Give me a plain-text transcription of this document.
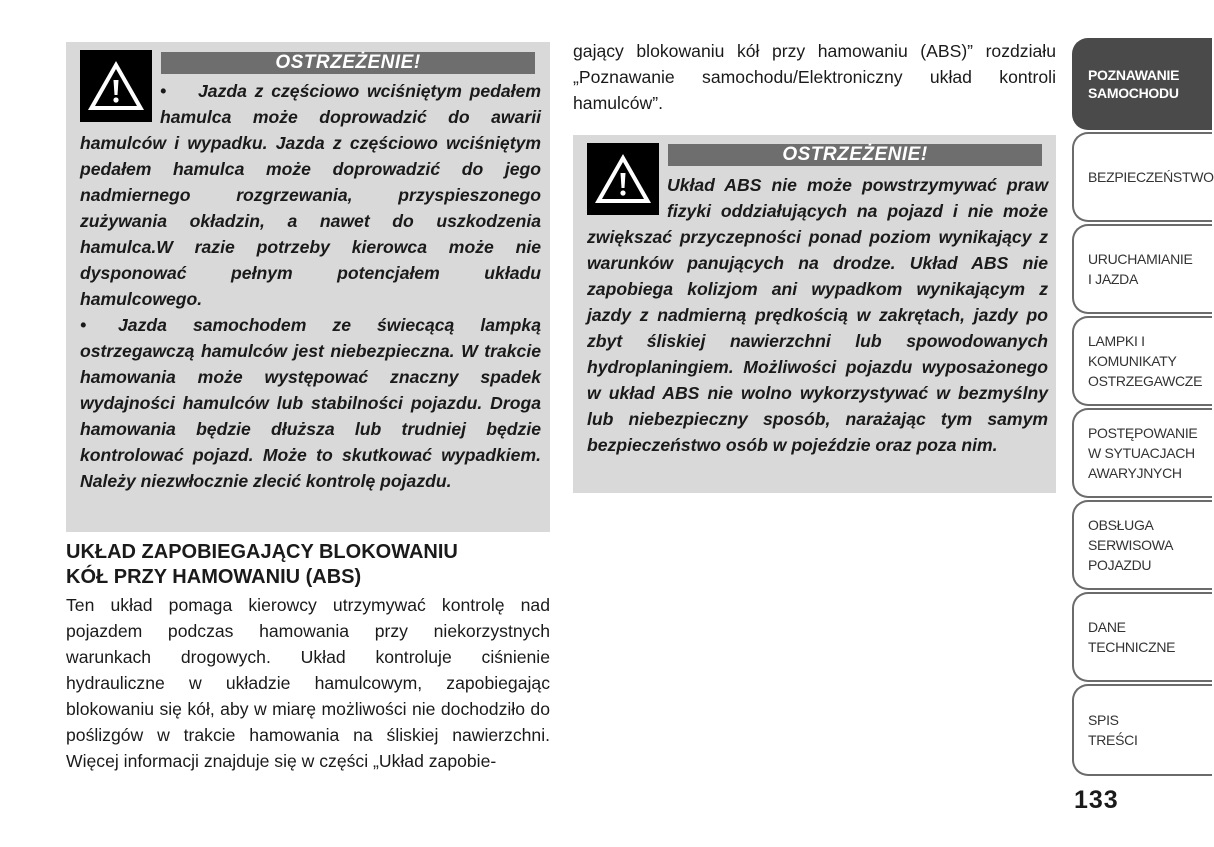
OSTRZEŻENIE!

• Jazda z częściowo wciśniętym pedałem hamulca może doprowadzić do awarii hamulców i wypadku. Jazda z częściowo wciśniętym pedałem hamulca może doprowadzić do jego nadmiernego rozgrzewania, przyspieszonego zużywania okładzin, a nawet do uszkodzenia hamulca.W razie potrzeby kierowca może nie dysponować pełnym potencjałem układu hamulcowego.

• Jazda samochodem ze świecącą lampką ostrzegawczą hamulców jest niebezpieczna. W trakcie hamowania może występować znaczny spadek wydajności hamulców lub stabilności pojazdu. Droga hamowania będzie dłuższa lub trudniej będzie kontrolować pojazd. Może to skutkować wypadkiem. Należy niezwłocznie zlecić kontrolę pojazdu.

UKŁAD ZAPOBIEGAJĄCY BLOKOWANIU
KÓŁ PRZY HAMOWANIU (ABS)

Ten układ pomaga kierowcy utrzymywać kontrolę nad pojazdem podczas hamowania przy niekorzystnych warunkach drogowych. Układ kontroluje ciśnienie hydrauliczne w układzie hamulcowym, zapobiegając blokowaniu się kół, aby w miarę możliwości nie dochodziło do poślizgów w trakcie hamowania na śliskiej nawierzchni. Więcej informacji znajduje się w części „Układ zapobie-

gający blokowaniu kół przy hamowaniu (ABS)” rozdziału „Poznawanie samochodu/Elektroniczny układ kontroli hamulców”.

OSTRZEŻENIE!

Układ ABS nie może powstrzymywać praw fizyki oddziałujących na pojazd i nie może zwiększać przyczepności ponad poziom wynikający z warunków panujących na drodze. Układ ABS nie zapobiega kolizjom ani wypadkom wynikającym z jazdy z nadmierną prędkością w zakrętach, jazdy po zbyt śliskiej nawierzchni lub spowodowanych hydroplaningiem. Możliwości pojazdu wyposażonego w układ ABS nie wolno wykorzystywać w bezmyślny lub niebezpieczny sposób, narażając tym samym bezpieczeństwo osób w pojeździe oraz poza nim.

POZNAWANIE
SAMOCHODU
BEZPIECZEŃSTWO
URUCHAMIANIE
I JAZDA
LAMPKI I
KOMUNIKATY
OSTRZEGAWCZE
POSTĘPOWANIE
W SYTUACJACH
AWARYJNYCH
OBSŁUGA
SERWISOWA
POJAZDU
DANE
TECHNICZNE
SPIS
TREŚCI
133
